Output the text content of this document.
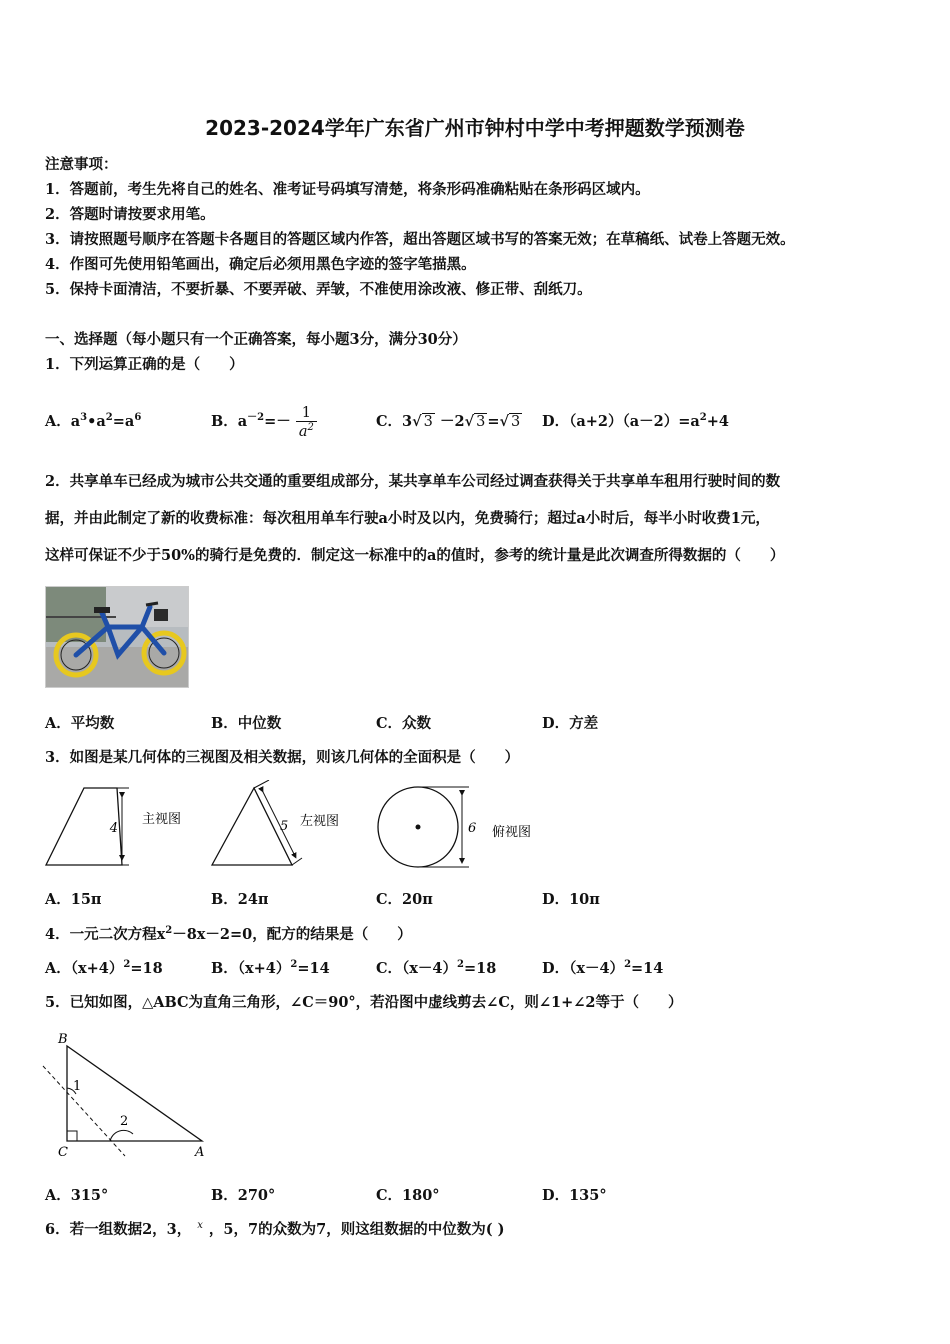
2023-2024学年广东省广州市钟村中学中考押题数学预测卷
注意事项：
1．答题前，考生先将自己的姓名、准考证号码填写清楚，将条形码准确粘贴在条形码区域内。
2．答题时请按要求用笔。
3．请按照题号顺序在答题卡各题目的答题区域内作答，超出答题区域书写的答案无效；在草稿纸、试卷上答题无效。
4．作图可先使用铅笔画出，确定后必须用黑色字迹的签字笔描黑。
5．保持卡面清洁，不要折暴、不要弄破、弄皱，不准使用涂改液、修正带、刮纸刀。
一、选择题（每小题只有一个正确答案，每小题3分，满分30分）
1．下列运算正确的是（　　）
A．$a^3•a^2=a^6$	B．$a^{-2}=- \frac{1}{a^2}$	C．3√ 3 －2√ 3 =√ 3 D．$(a+2)(a-2)=a^2+4$
2．共享单车已经成为城市公共交通的重要组成部分，某共享单车公司经过调查获得关于共享单车租用行驶时间的数
据，并由此制定了新的收费标准：每次租用单车行驶a小时及以内，免费骑行；超过a小时后，每半小时收费1元，
这样可保证不少于50%的骑行是免费的．制定这一标准中的a的值时，参考的统计量是此次调查所得数据的（　　）
A．平均数	B．中位数	C．众数	D．方差
3．如图是某几何体的三视图及相关数据，则该几何体的全面积是（　　）
4
主视图	5 左视图	6 俯视图
A．15π	B．24π	C．20π	D．10π
4．一元二次方程$x^2-8x-2=0$，配方的结果是（　　）
A．$(x+4)^2=18$	B．$(x+4)^2=14$	C．$(x-4)^2=18$	D．$(x-4)^2=14$
5．已知如图，△ABC为直角三角形，∠C＝90°，若沿图中虚线剪去∠C，则∠1+∠2等于（　　）
B
C	A
1
2
A．315°	B．270°	C．180°	D．135°
6．若一组数据2，3， $^x$ ，5，7的众数为7，则这组数据的中位数为( )
